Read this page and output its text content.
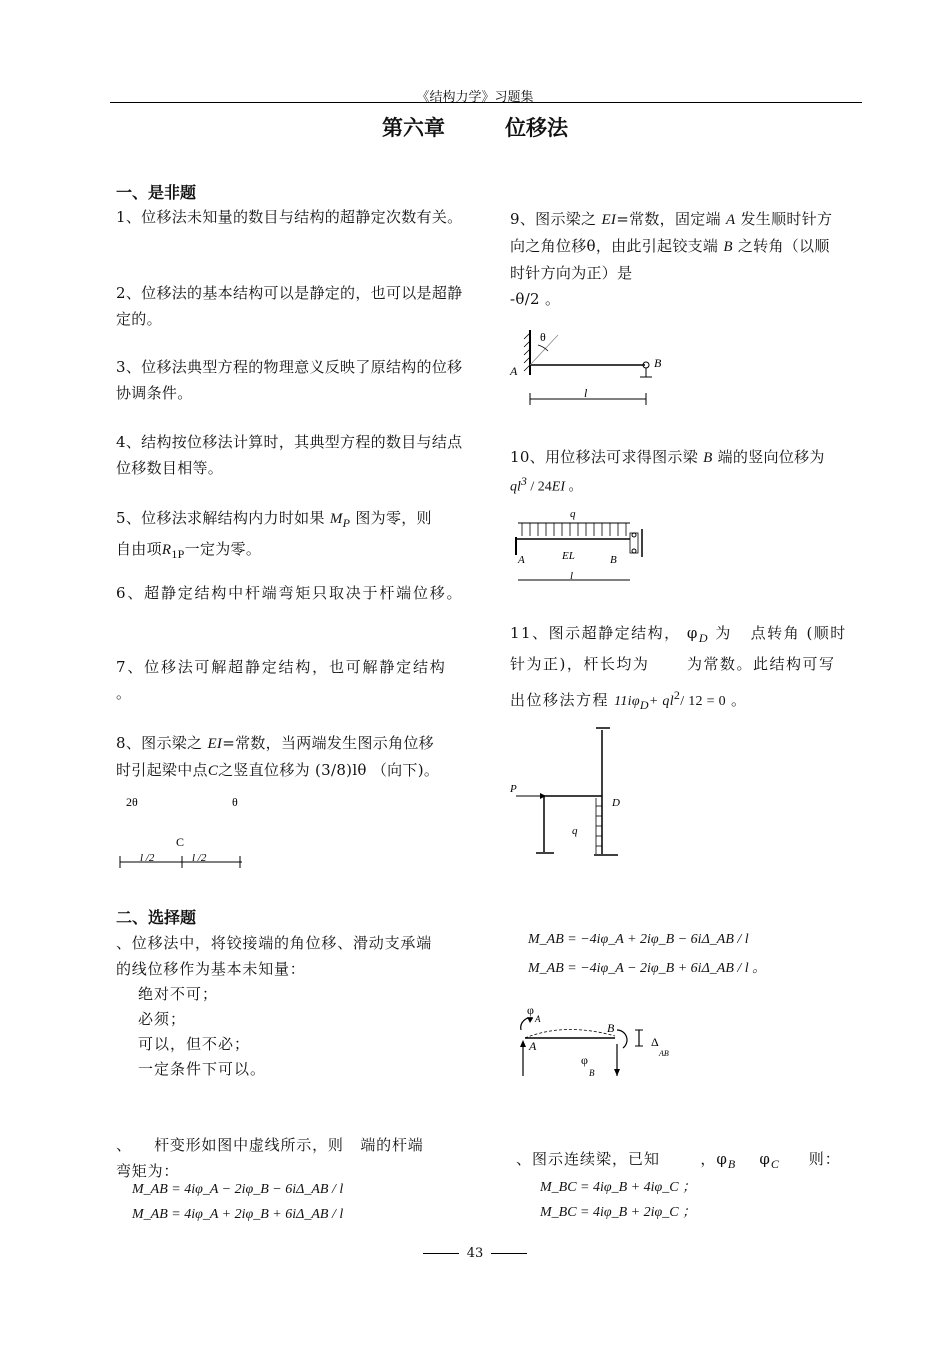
《结构力学》习题集
第六章	位移法
一、是非题
1、位移法未知量的数目与结构的超静定次数有关。
2、位移法的基本结构可以是静定的，也可以是超静定的。
3、位移法典型方程的物理意义反映了原结构的位移协调条件。
4、结构按位移法计算时，其典型方程的数目与结点位移数目相等。
5、位移法求解结构内力时如果 $M_P$ 图为零，则
自由项$R_{1P}$一定为零。
6、超静定结构中杆端弯矩只取决于杆端位移。
7、位移法可解超静定结构，也可解静定结构 。
8、图示梁之 EI=常数，当两端发生图示角位移
时引起梁中点C之竖直位移为 (3/8)lθ （向下)。
2θ	θ
C
l /2	l /2
9、图示梁之 EI=常数，固定端 A 发生顺时针方
向之角位移θ，由此引起铰支端 B 之转角（以顺
时针方向为正）是
-θ/2 。
θ
A
B
l
10、用位移法可求得图示梁 B 端的竖向位移为
$ql^3 / 24EI$ 。
q
A	EL	B
l
11、图示超静定结构， $\varphi_D$ 为 点转角 (顺时
针为正)，杆长均为	为常数。此结构可写
出位移法方程 $11i\varphi_D+ ql^2/$ 12 = 0 。
P
D
q
二、选择题
、位移法中，将铰接端的角位移、滑动支承端
的线位移作为基本未知量：
绝对不可；
必须；
可以，但不必；
一定条件下可以。
、    杆变形如图中虚线所示，则   端的杆端
弯矩为：
M_AB = 4iφ_A − 2iφ_B − 6iΔ_AB / l
M_AB = 4iφ_A + 2iφ_B + 6iΔ_AB / l
M_AB = −4iφ_A + 2iφ_B − 6iΔ_AB / l
M_AB = −4iφ_A − 2iφ_B + 6iΔ_AB / l 。
φ
A
A
B
φ
B
Δ
AB
、图示连续梁，已知	，$\varphi_B$ $\varphi_C$ 则：
M_BC = 4iφ_B + 4iφ_C ；
M_BC = 4iφ_B + 2iφ_C ；
43
